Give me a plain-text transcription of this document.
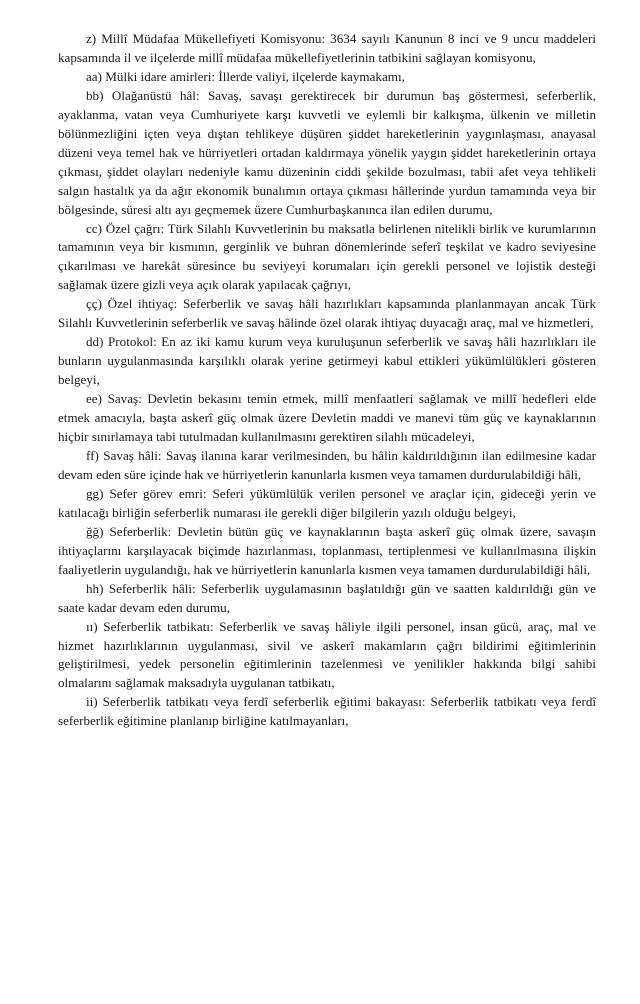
z) Millî Müdafaa Mükellefiyeti Komisyonu: 3634 sayılı Kanunun 8 inci ve 9 uncu maddeleri kapsamında il ve ilçelerde millî müdafaa mükellefiyetlerinin tatbikini sağlayan komisyonu,

aa) Mülki idare amirleri: İllerde valiyi, ilçelerde kaymakamı,

bb) Olağanüstü hâl: Savaş, savaşı gerektirecek bir durumun baş göstermesi, seferberlik, ayaklanma, vatan veya Cumhuriyete karşı kuvvetli ve eylemli bir kalkışma, ülkenin ve milletin bölünmezliğini içten veya dıştan tehlikeye düşüren şiddet hareketlerinin yaygınlaşması, anayasal düzeni veya temel hak ve hürriyetleri ortadan kaldırmaya yönelik yaygın şiddet hareketlerinin ortaya çıkması, şiddet olayları nedeniyle kamu düzeninin ciddi şekilde bozulması, tabii afet veya tehlikeli salgın hastalık ya da ağır ekonomik bunalımın ortaya çıkması hâllerinde yurdun tamamında veya bir bölgesinde, süresi altı ayı geçmemek üzere Cumhurbaşkanınca ilan edilen durumu,

cc) Özel çağrı: Türk Silahlı Kuvvetlerinin bu maksatla belirlenen nitelikli birlik ve kurumlarının tamamının veya bir kısmının, gerginlik ve buhran dönemlerinde seferî teşkilat ve kadro seviyesine çıkarılması ve harekât süresince bu seviyeyi korumaları için gerekli personel ve lojistik desteği sağlamak üzere gizli veya açık olarak yapılacak çağrıyı,

çç) Özel ihtiyaç: Seferberlik ve savaş hâli hazırlıkları kapsamında planlanmayan ancak Türk Silahlı Kuvvetlerinin seferberlik ve savaş hâlinde özel olarak ihtiyaç duyacağı araç, mal ve hizmetleri,

dd) Protokol: En az iki kamu kurum veya kuruluşunun seferberlik ve savaş hâli hazırlıkları ile bunların uygulanmasında karşılıklı olarak yerine getirmeyi kabul ettikleri yükümlülükleri gösteren belgeyi,

ee) Savaş: Devletin bekasını temin etmek, millî menfaatleri sağlamak ve millî hedefleri elde etmek amacıyla, başta askerî güç olmak üzere Devletin maddi ve manevi tüm güç ve kaynaklarının hiçbir sınırlamaya tabi tutulmadan kullanılmasını gerektiren silahlı mücadeleyi,

ff) Savaş hâli: Savaş ilanına karar verilmesinden, bu hâlin kaldırıldığının ilan edilmesine kadar devam eden süre içinde hak ve hürriyetlerin kanunlarla kısmen veya tamamen durdurulabildiği hâli,

gg) Sefer görev emri: Seferi yükümlülük verilen personel ve araçlar için, gideceği yerin ve katılacağı birliğin seferberlik numarası ile gerekli diğer bilgilerin yazılı olduğu belgeyi,

ğğ) Seferberlik: Devletin bütün güç ve kaynaklarının başta askerî güç olmak üzere, savaşın ihtiyaçlarını karşılayacak biçimde hazırlanması, toplanması, tertiplenmesi ve kullanılmasına ilişkin faaliyetlerin uygulandığı, hak ve hürriyetlerin kanunlarla kısmen veya tamamen durdurulabildiği hâli,

hh) Seferberlik hâli: Seferberlik uygulamasının başlatıldığı gün ve saatten kaldırıldığı gün ve saate kadar devam eden durumu,

ıı) Seferberlik tatbikatı: Seferberlik ve savaş hâliyle ilgili personel, insan gücü, araç, mal ve hizmet hazırlıklarının uygulanması, sivil ve askerî makamların çağrı bildirimi eğitimlerinin geliştirilmesi, yedek personelin eğitimlerinin tazelenmesi ve yenilikler hakkında bilgi sahibi olmalarını sağlamak maksadıyla uygulanan tatbikatı,

ii) Seferberlik tatbikatı veya ferdî seferberlik eğitimi bakayası: Seferberlik tatbikatı veya ferdî seferberlik eğitimine planlanıp birliğine katılmayanları,
